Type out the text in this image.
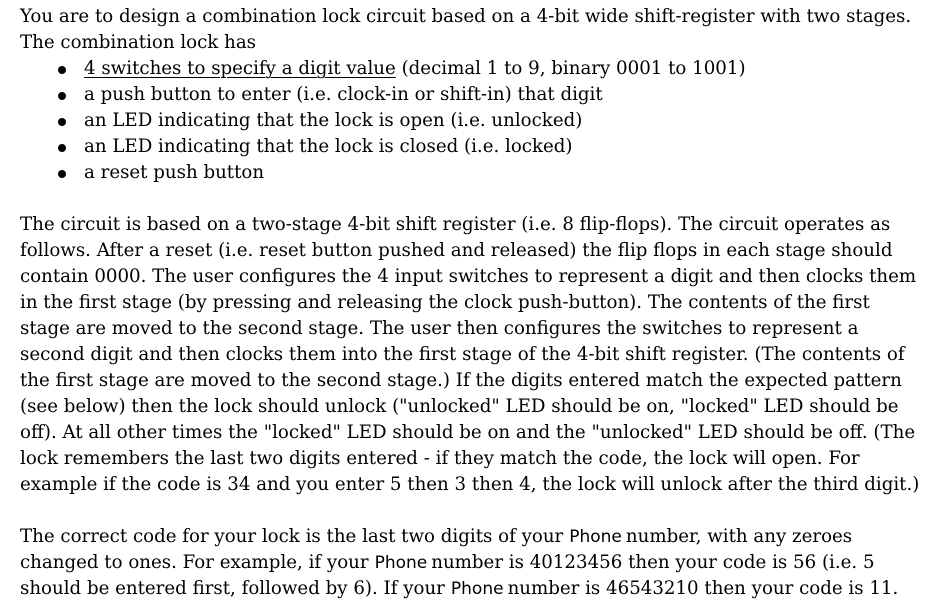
You are to design a combination lock circuit based on a 4-bit wide shift-register with two stages.

The combination lock has

4 switches to specify a digit value (decimal 1 to 9, binary 0001 to 1001)
a push button to enter (i.e. clock-in or shift-in) that digit
an LED indicating that the lock is open (i.e. unlocked)
an LED indicating that the lock is closed (i.e. locked)
a reset push button

The circuit is based on a two-stage 4-bit shift register (i.e. 8 flip-flops). The circuit operates as follows. After a reset (i.e. reset button pushed and released) the flip flops in each stage should contain 0000. The user configures the 4 input switches to represent a digit and then clocks them in the first stage (by pressing and releasing the clock push-button). The contents of the first stage are moved to the second stage. The user then configures the switches to represent a second digit and then clocks them into the first stage of the 4-bit shift register. (The contents of the first stage are moved to the second stage.) If the digits entered match the expected pattern (see below) then the lock should unlock ("unlocked" LED should be on, "locked" LED should be off). At all other times the "locked" LED should be on and the "unlocked" LED should be off. (The lock remembers the last two digits entered - if they match the code, the lock will open. For example if the code is 34 and you enter 5 then 3 then 4, the lock will unlock after the third digit.)

The correct code for your lock is the last two digits of your Phone number, with any zeroes changed to ones. For example, if your Phone number is 40123456 then your code is 56 (i.e. 5 should be entered first, followed by 6). If your Phone number is 46543210 then your code is 11.
